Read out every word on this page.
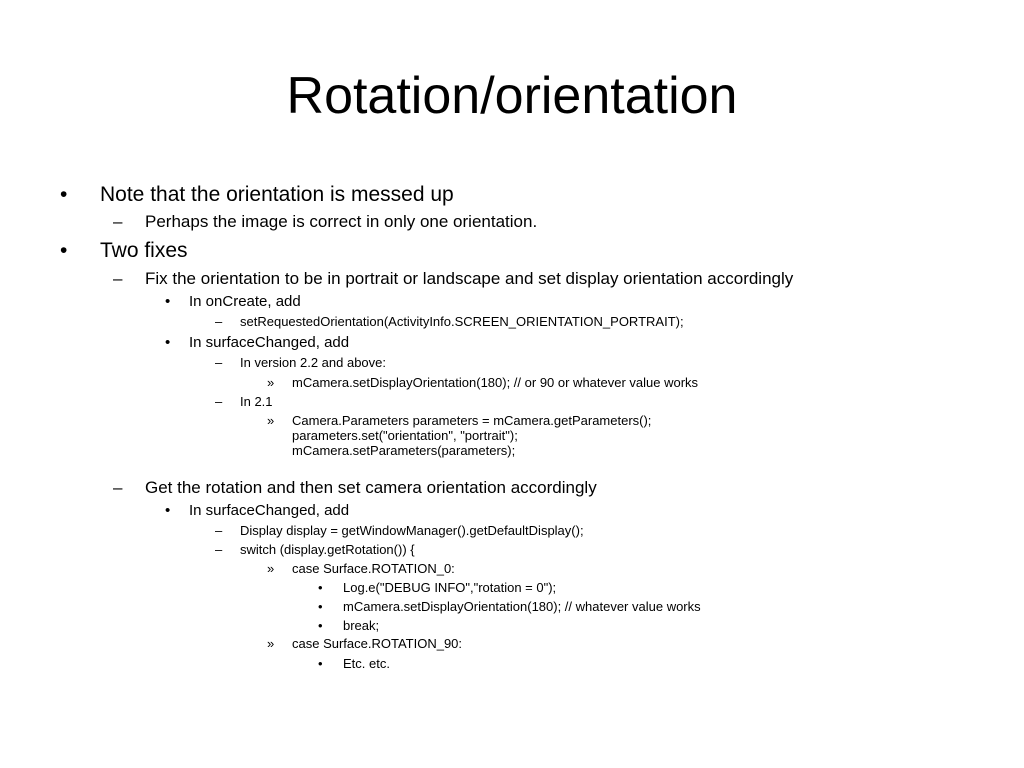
Rotation/orientation
• Note that the orientation is messed up
– Perhaps the image is correct in only one orientation.
• Two fixes
– Fix the orientation to be in portrait or landscape and set display orientation accordingly
• In onCreate, add
– setRequestedOrientation(ActivityInfo.SCREEN_ORIENTATION_PORTRAIT);
• In surfaceChanged, add
– In version 2.2 and above:
» mCamera.setDisplayOrientation(180); // or 90 or whatever value works
– In 2.1
» Camera.Parameters parameters = mCamera.getParameters();
parameters.set("orientation", "portrait");
mCamera.setParameters(parameters);
– Get the rotation and then set camera orientation accordingly
• In surfaceChanged, add
– Display display = getWindowManager().getDefaultDisplay();
– switch (display.getRotation()) {
» case Surface.ROTATION_0:
• Log.e("DEBUG INFO","rotation = 0");
• mCamera.setDisplayOrientation(180); // whatever value works
• break;
» case Surface.ROTATION_90:
• Etc. etc.
